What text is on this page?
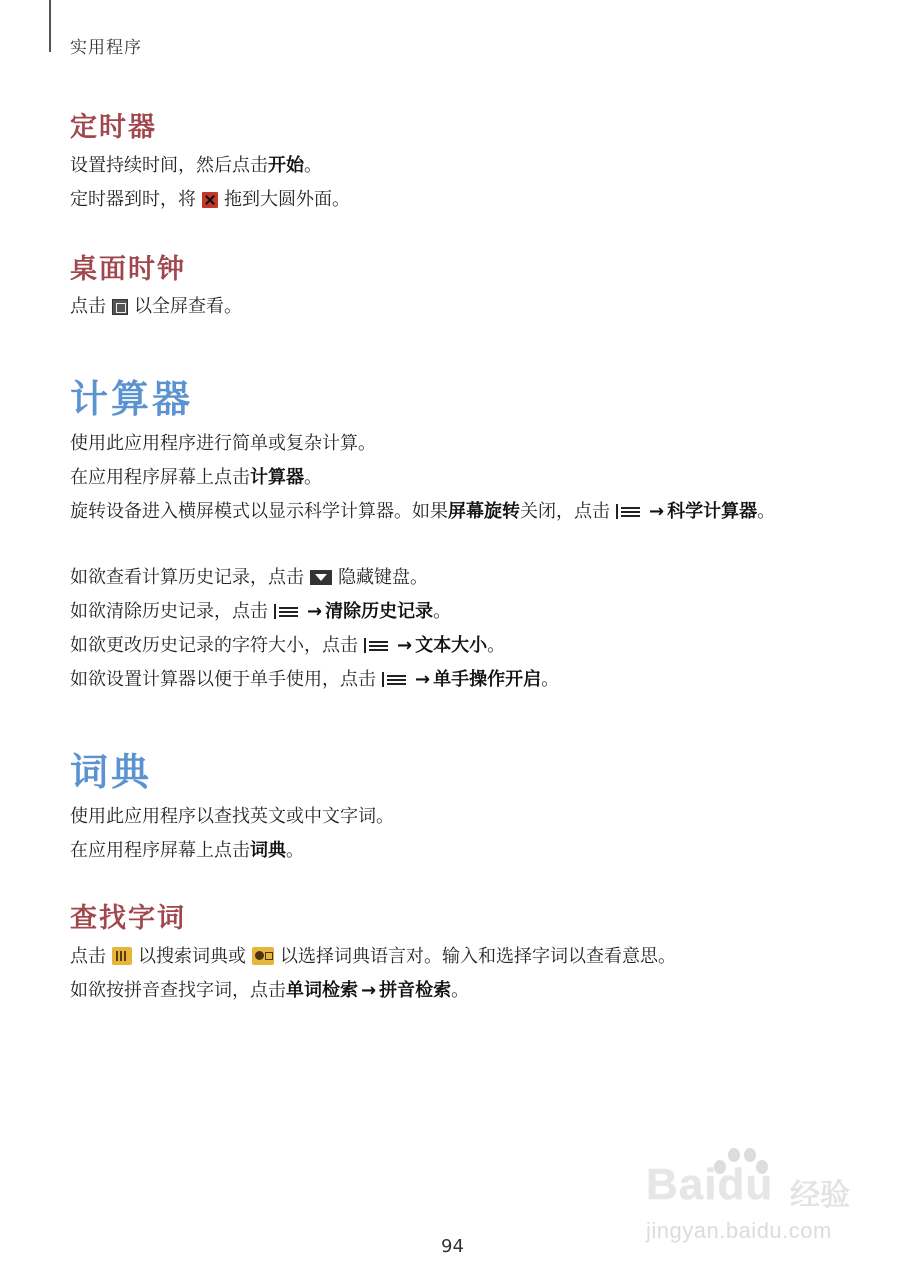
实用程序
定时器
设置持续时间，然后点击开始。
定时器到时，将 拖到大圆外面。
桌面时钟
点击 以全屏查看。
计算器
使用此应用程序进行简单或复杂计算。
在应用程序屏幕上点击计算器。
旋转设备进入横屏模式以显示科学计算器。如果屏幕旋转关闭，点击 → 科学计算器。
如欲查看计算历史记录，点击 隐藏键盘。
如欲清除历史记录，点击 → 清除历史记录。
如欲更改历史记录的字符大小，点击 → 文本大小。
如欲设置计算器以便于单手使用，点击 → 单手操作开启。
词典
使用此应用程序以查找英文或中文字词。
在应用程序屏幕上点击词典。
查找字词
点击 以搜索词典或 以选择词典语言对。输入和选择字词以查看意思。
如欲按拼音查找字词，点击单词检索 → 拼音检索。
Baidu 经验
jingyan.baidu.com
94
